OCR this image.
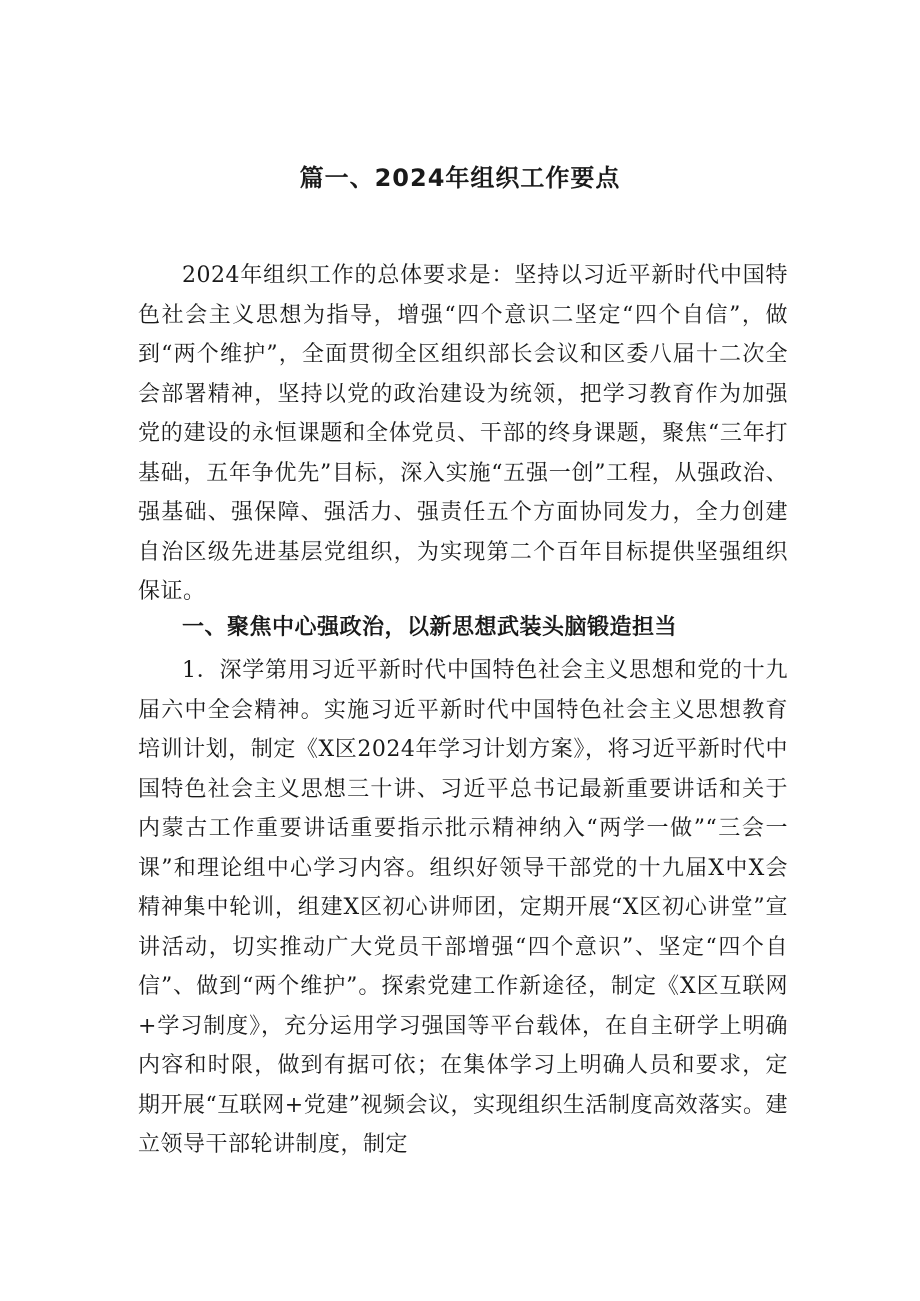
篇一、2024年组织工作要点

2024年组织工作的总体要求是：坚持以习近平新时代中国特色社会主义思想为指导，增强“四个意识二坚定“四个自信”，做到“两个维护”，全面贯彻全区组织部长会议和区委八届十二次全会部署精神，坚持以党的政治建设为统领，把学习教育作为加强党的建设的永恒课题和全体党员、干部的终身课题，聚焦“三年打基础，五年争优先”目标，深入实施“五强一创”工程，从强政治、强基础、强保障、强活力、强责任五个方面协同发力，全力创建自治区级先进基层党组织，为实现第二个百年目标提供坚强组织保证。

一、聚焦中心强政治，以新思想武装头脑锻造担当

1．深学第用习近平新时代中国特色社会主义思想和党的十九届六中全会精神。实施习近平新时代中国特色社会主义思想教育培训计划，制定《X区2024年学习计划方案》，将习近平新时代中国特色社会主义思想三十讲、习近平总书记最新重要讲话和关于内蒙古工作重要讲话重要指示批示精神纳入“两学一做”“三会一课”和理论组中心学习内容。组织好领导干部党的十九届X中X会精神集中轮训，组建X区初心讲师团，定期开展“X区初心讲堂”宣讲活动，切实推动广大党员干部增强“四个意识”、坚定“四个自信”、做到“两个维护”。探索党建工作新途径，制定《X区互联网+学习制度》，充分运用学习强国等平台载体，在自主研学上明确内容和时限，做到有据可依；在集体学习上明确人员和要求，定期开展“互联网+党建”视频会议，实现组织生活制度高效落实。建立领导干部轮讲制度，制定
